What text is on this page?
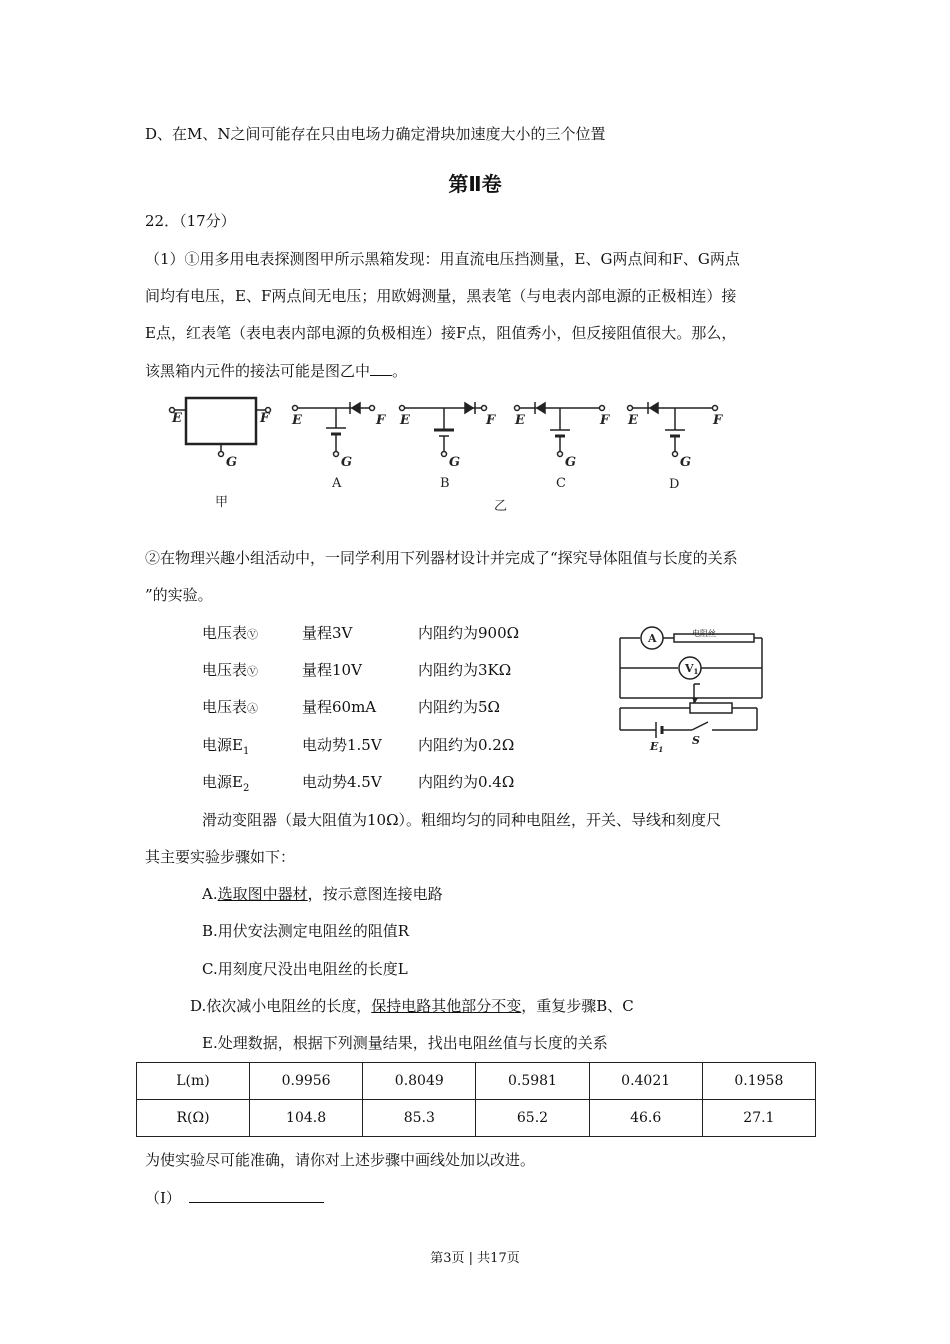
D、在M、N之间可能存在只由电场力确定滑块加速度大小的三个位置
第Ⅱ卷
22．（17分）
（1）①用多用电表探测图甲所示黑箱发现：用直流电压挡测量，E、G两点间和F、G两点
间均有电压，E、F两点间无电压；用欧姆测量，黑表笔（与电表内部电源的正极相连）接
E点，红表笔（表电表内部电源的负极相连）接F点，阻值秀小，但反接阻值很大。那么，
该黑箱内元件的接法可能是图乙中 。
E	F
G
E	F
G
E	F
G
E	F
G
E	F
G
甲
A	B	C	D
乙
②在物理兴趣小组活动中，一同学利用下列器材设计并完成了“探究导体阻值与长度的关系
”的实验。
电压表Ⓥ	量程3V	内阻约为900Ω
电压表Ⓥ	量程10V	内阻约为3KΩ
电压表Ⓐ	量程60mA	内阻约为5Ω
电源$E_1$	电动势1.5V 内阻约为0.2Ω
电源$E_2$	电动势4.5V 内阻约为0.4Ω
A
V1
电阻丝
E1
S
滑动变阻器（最大阻值为10Ω）。粗细均匀的同种电阻丝，开关、导线和刻度尺
其主要实验步骤如下：
A.选取图中器材，按示意图连接电路
B.用伏安法测定电阻丝的阻值R
C.用刻度尺没出电阻丝的长度L
D.依次减小电阻丝的长度，保持电路其他部分不变，重复步骤B、C
E.处理数据，根据下列测量结果，找出电阻丝值与长度的关系
L(m)	0.9956	0.8049	0.5981	0.4021	0.1958
R(Ω)	104.8	85.3	65.2	46.6	27.1
为使实验尽可能准确，请你对上述步骤中画线处加以改进。
（Ⅰ）
第3页 | 共17页
